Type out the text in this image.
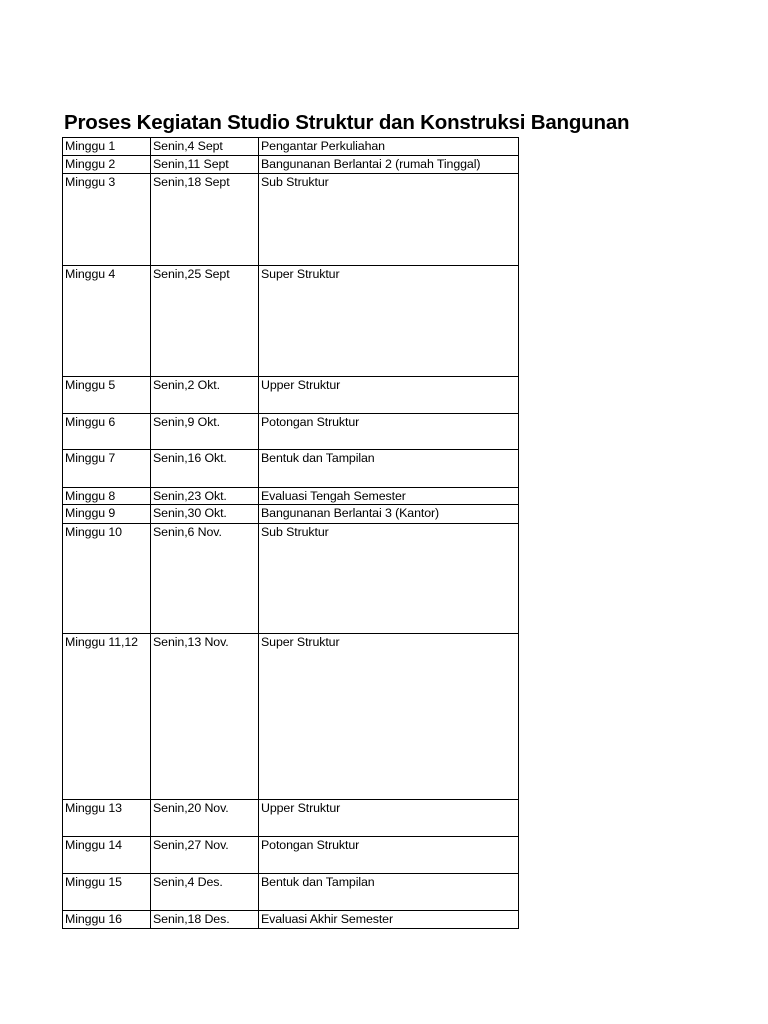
Proses Kegiatan Studio Struktur dan Konstruksi Bangunan
Minggu 1	Senin,4 Sept	Pengantar Perkuliahan
Minggu 2	Senin,11 Sept	Bangunanan Berlantai 2 (rumah Tinggal)
Minggu 3	Senin,18 Sept	Sub Struktur
Minggu 4	Senin,25 Sept	Super Struktur
Minggu 5	Senin,2 Okt.	Upper Struktur
Minggu 6	Senin,9 Okt.	Potongan Struktur
Minggu 7	Senin,16 Okt.	Bentuk dan Tampilan
Minggu 8	Senin,23 Okt.	Evaluasi Tengah Semester
Minggu 9	Senin,30 Okt.	Bangunanan Berlantai 3 (Kantor)
Minggu 10	Senin,6 Nov.	Sub Struktur
Minggu 11,12	Senin,13 Nov.	Super Struktur
Minggu 13	Senin,20 Nov.	Upper Struktur
Minggu 14	Senin,27 Nov.	Potongan Struktur
Minggu 15	Senin,4 Des.	Bentuk dan Tampilan
Minggu 16	Senin,18 Des.	Evaluasi Akhir Semester
